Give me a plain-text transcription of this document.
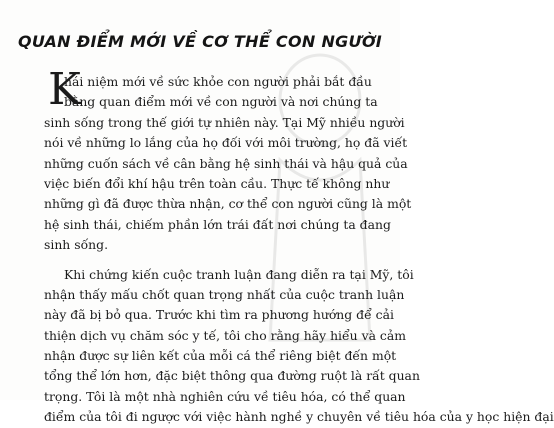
QUAN ĐIỂM MỚI VỀ CƠ THỂ CON NGƯỜI
K
hái niệm mới về sức khỏe con người phải bắt đầu
bằng quan điểm mới về con người và nơi chúng ta
sinh sống trong thế giới tự nhiên này. Tại Mỹ nhiều người
nói về những lo lắng của họ đối với môi trường, họ đã viết
những cuốn sách về cân bằng hệ sinh thái và hậu quả của
việc biến đổi khí hậu trên toàn cầu. Thực tế không như
những gì đã được thừa nhận, cơ thể con người cũng là một
hệ sinh thái, chiếm phần lớn trái đất nơi chúng ta đang
sinh sống.
Khi chứng kiến cuộc tranh luận đang diễn ra tại Mỹ, tôi
nhận thấy mấu chốt quan trọng nhất của cuộc tranh luận
này đã bị bỏ qua. Trước khi tìm ra phương hướng để cải
thiện dịch vụ chăm sóc y tế, tôi cho rằng hãy hiểu và cảm
nhận được sự liên kết của mỗi cá thể riêng biệt đến một
tổng thể lớn hơn, đặc biệt thông qua đường ruột là rất quan
trọng. Tôi là một nhà nghiên cứu về tiêu hóa, có thể quan
điểm của tôi đi ngược với việc hành nghề y chuyên về tiêu hóa của y học hiện đại
